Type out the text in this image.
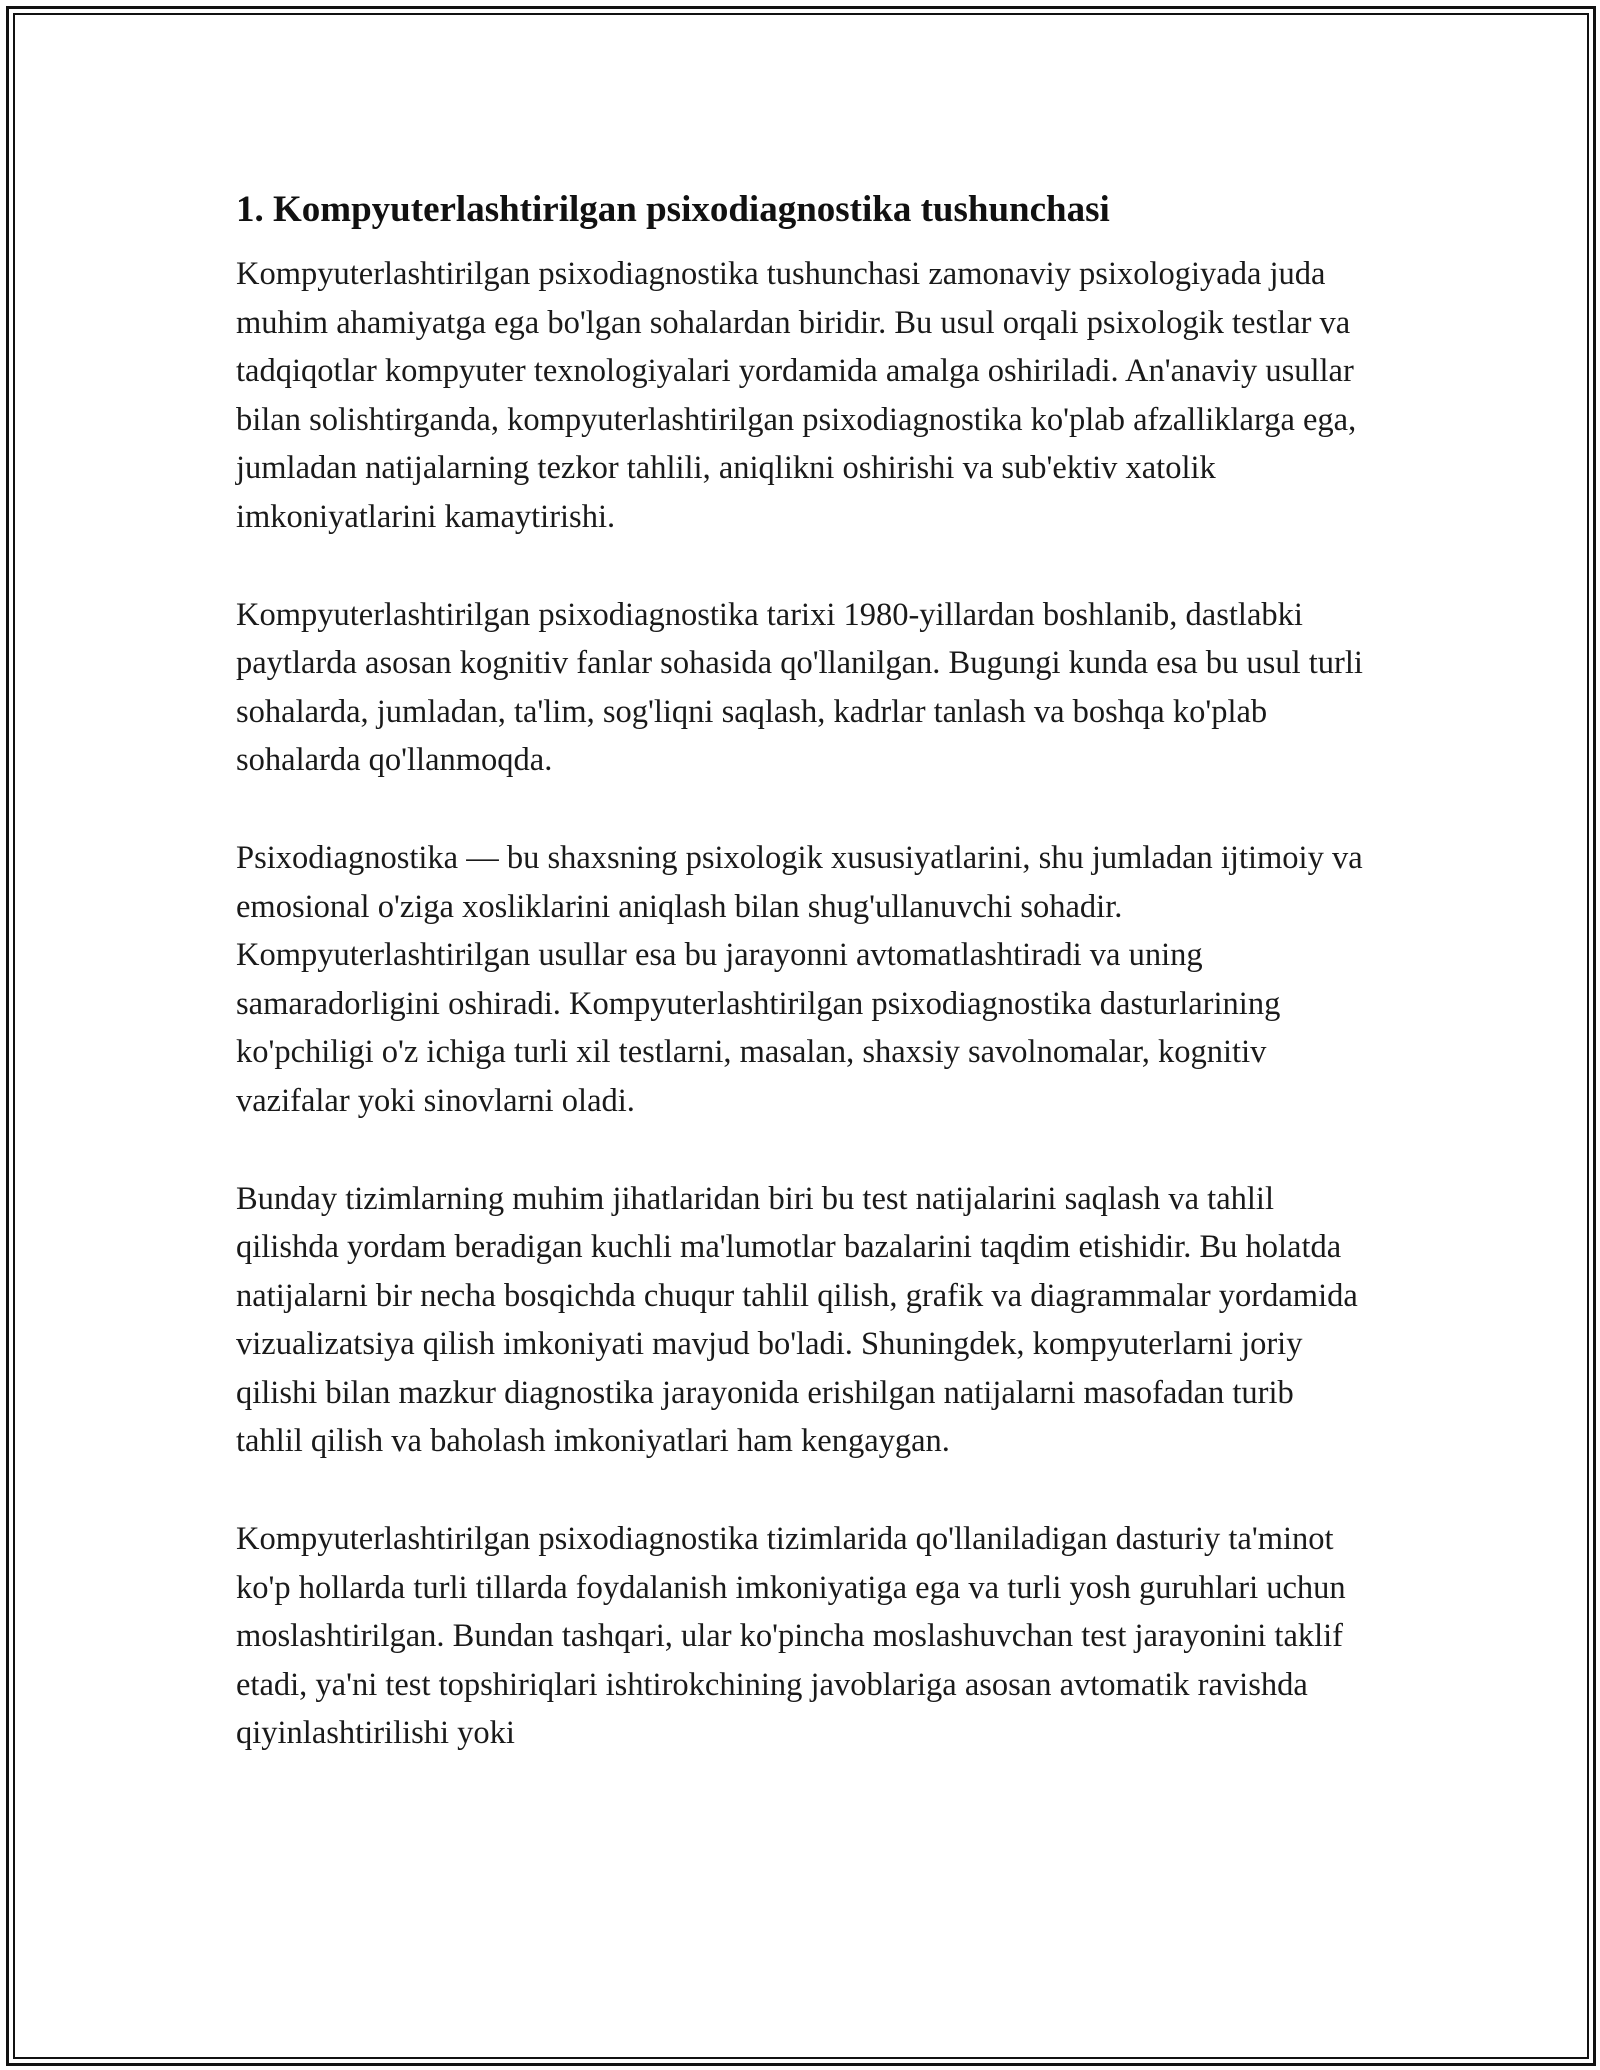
1. Kompyuterlashtirilgan psixodiagnostika tushunchasi

Kompyuterlashtirilgan psixodiagnostika tushunchasi zamonaviy psixologiyada juda muhim ahamiyatga ega bo'lgan sohalardan biridir. Bu usul orqali psixologik testlar va tadqiqotlar kompyuter texnologiyalari yordamida amalga oshiriladi. An'anaviy usullar bilan solishtirganda, kompyuterlashtirilgan psixodiagnostika ko'plab afzalliklarga ega, jumladan natijalarning tezkor tahlili, aniqlikni oshirishi va sub'ektiv xatolik imkoniyatlarini kamaytirishi.

Kompyuterlashtirilgan psixodiagnostika tarixi 1980-yillardan boshlanib, dastlabki paytlarda asosan kognitiv fanlar sohasida qo'llanilgan. Bugungi kunda esa bu usul turli sohalarda, jumladan, ta'lim, sog'liqni saqlash, kadrlar tanlash va boshqa ko'plab sohalarda qo'llanmoqda.

Psixodiagnostika — bu shaxsning psixologik xususiyatlarini, shu jumladan ijtimoiy va emosional o'ziga xosliklarini aniqlash bilan shug'ullanuvchi sohadir. Kompyuterlashtirilgan usullar esa bu jarayonni avtomatlashtiradi va uning samaradorligini oshiradi. Kompyuterlashtirilgan psixodiagnostika dasturlarining ko'pchiligi o'z ichiga turli xil testlarni, masalan, shaxsiy savolnomalar, kognitiv vazifalar yoki sinovlarni oladi.

Bunday tizimlarning muhim jihatlaridan biri bu test natijalarini saqlash va tahlil qilishda yordam beradigan kuchli ma'lumotlar bazalarini taqdim etishidir. Bu holatda natijalarni bir necha bosqichda chuqur tahlil qilish, grafik va diagrammalar yordamida vizualizatsiya qilish imkoniyati mavjud bo'ladi. Shuningdek, kompyuterlarni joriy qilishi bilan mazkur diagnostika jarayonida erishilgan natijalarni masofadan turib tahlil qilish va baholash imkoniyatlari ham kengaygan.

Kompyuterlashtirilgan psixodiagnostika tizimlarida qo'llaniladigan dasturiy ta'minot ko'p hollarda turli tillarda foydalanish imkoniyatiga ega va turli yosh guruhlari uchun moslashtirilgan. Bundan tashqari, ular ko'pincha moslashuvchan test jarayonini taklif etadi, ya'ni test topshiriqlari ishtirokchining javoblariga asosan avtomatik ravishda qiyinlashtirilishi yoki
